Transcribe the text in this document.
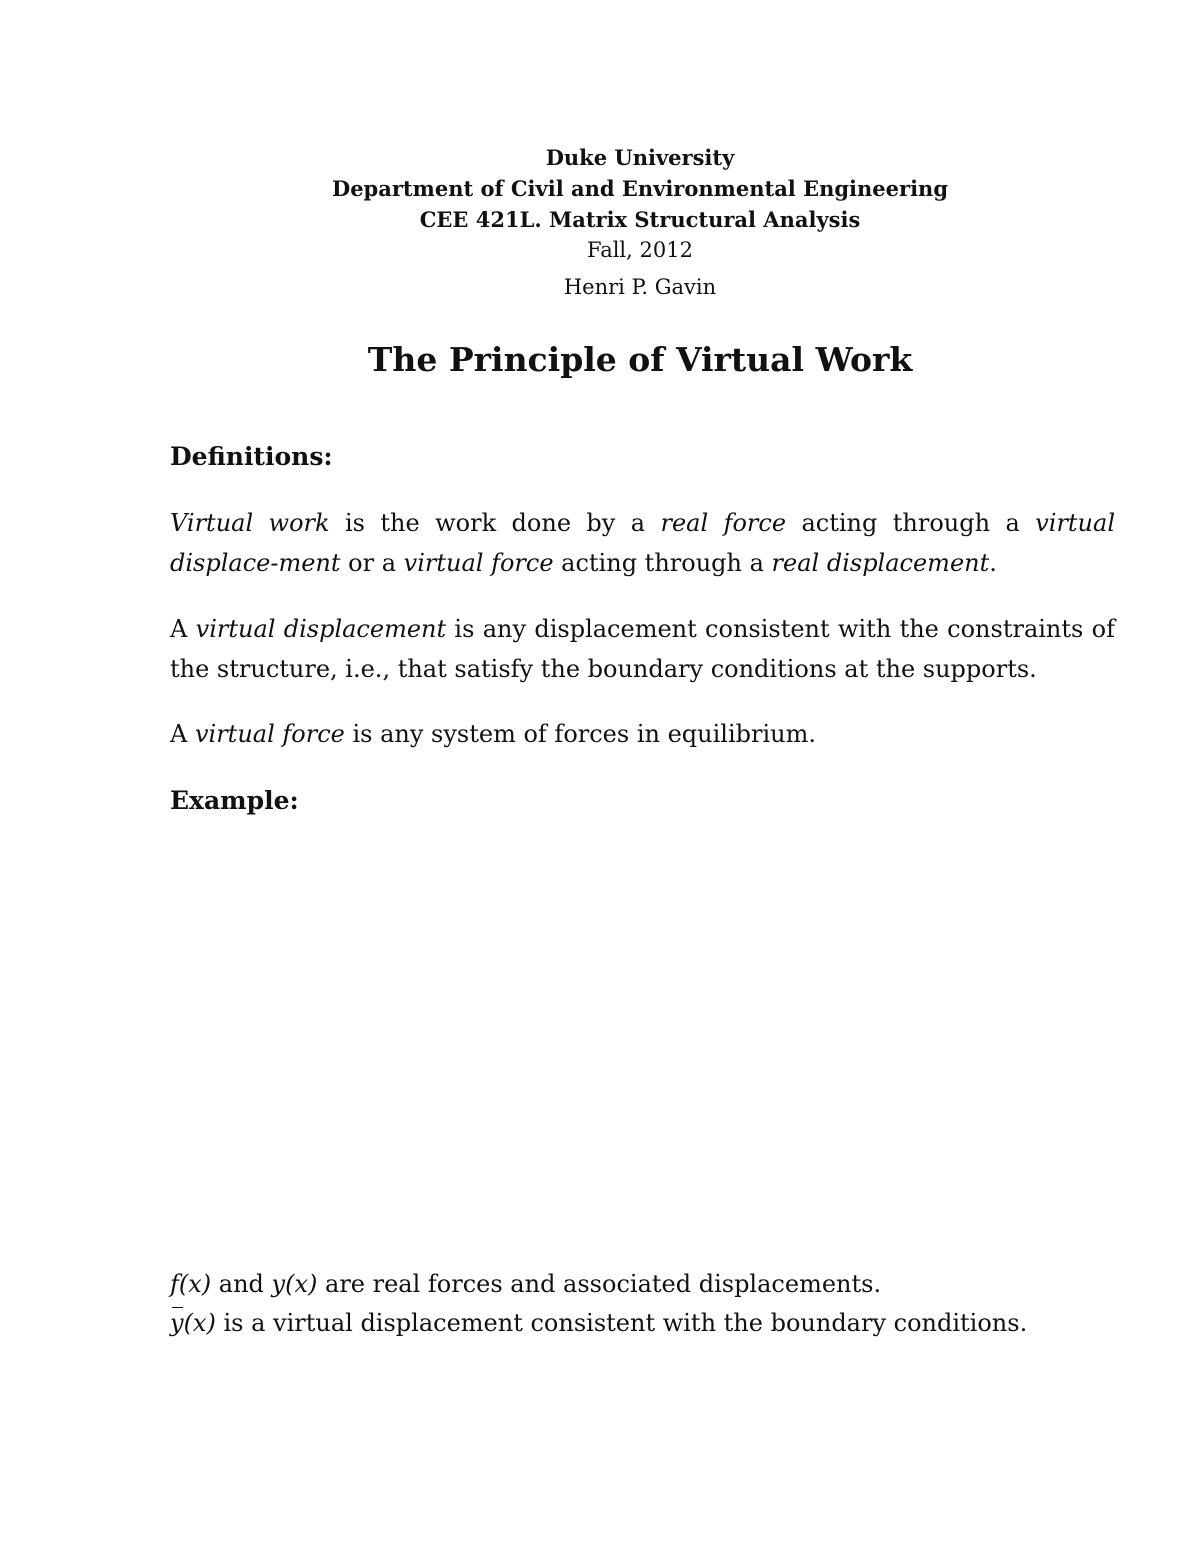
Duke University
Department of Civil and Environmental Engineering
CEE 421L. Matrix Structural Analysis
Fall, 2012
Henri P. Gavin
The Principle of Virtual Work
Definitions:
Virtual work is the work done by a real force acting through a virtual displace-ment or a virtual force acting through a real displacement.
A virtual displacement is any displacement consistent with the constraints of the structure, i.e., that satisfy the boundary conditions at the supports.
A virtual force is any system of forces in equilibrium.
Example:
f(x) and y(x) are real forces and associated displacements.
y(x) is a virtual displacement consistent with the boundary conditions.
